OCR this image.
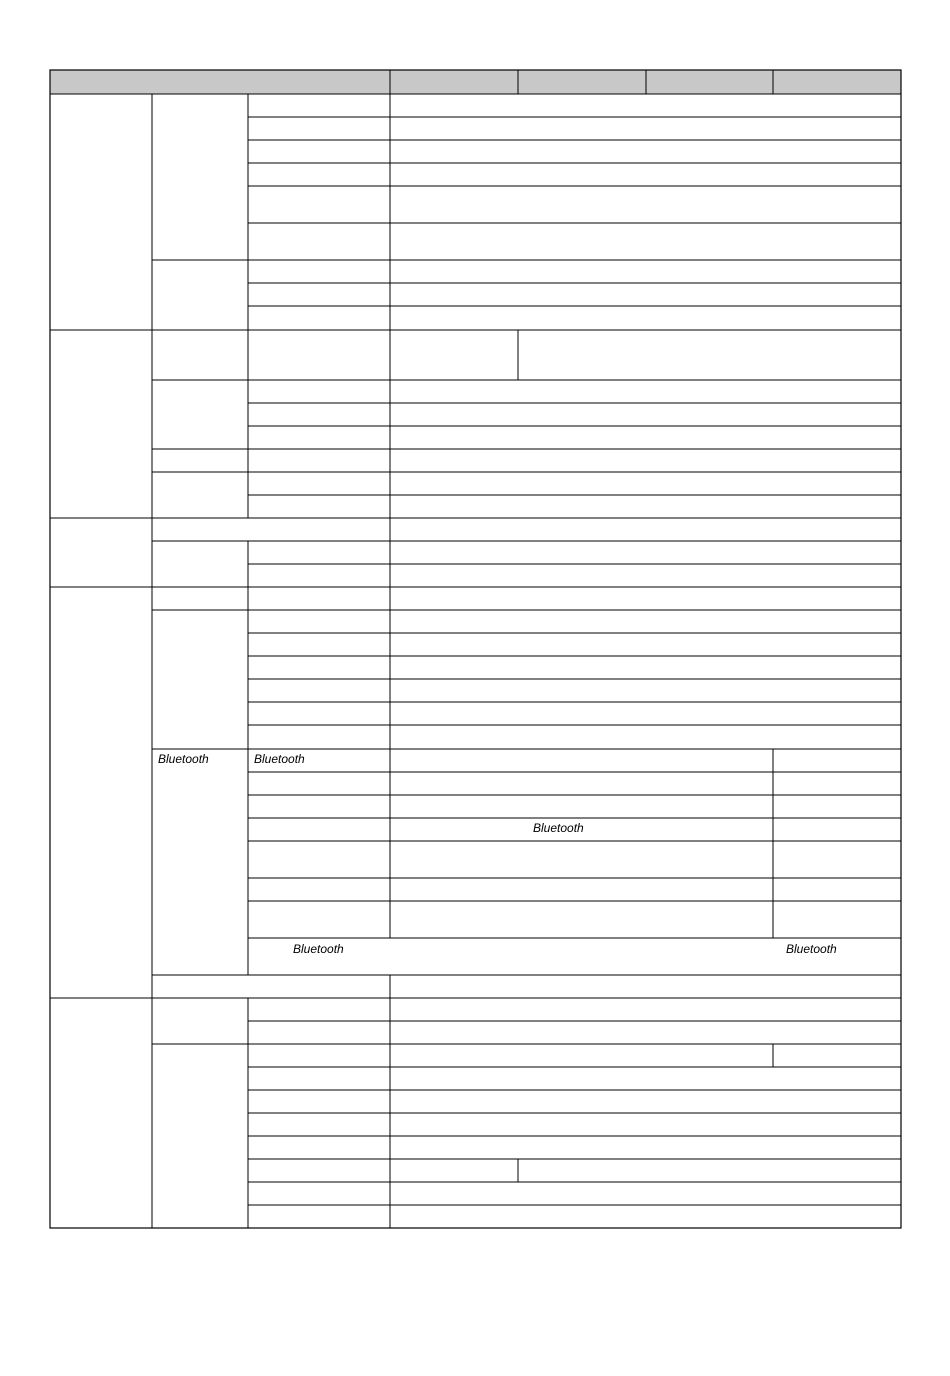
Bluetooth	Bluetooth
Bluetooth
Bluetooth	Bluetooth
